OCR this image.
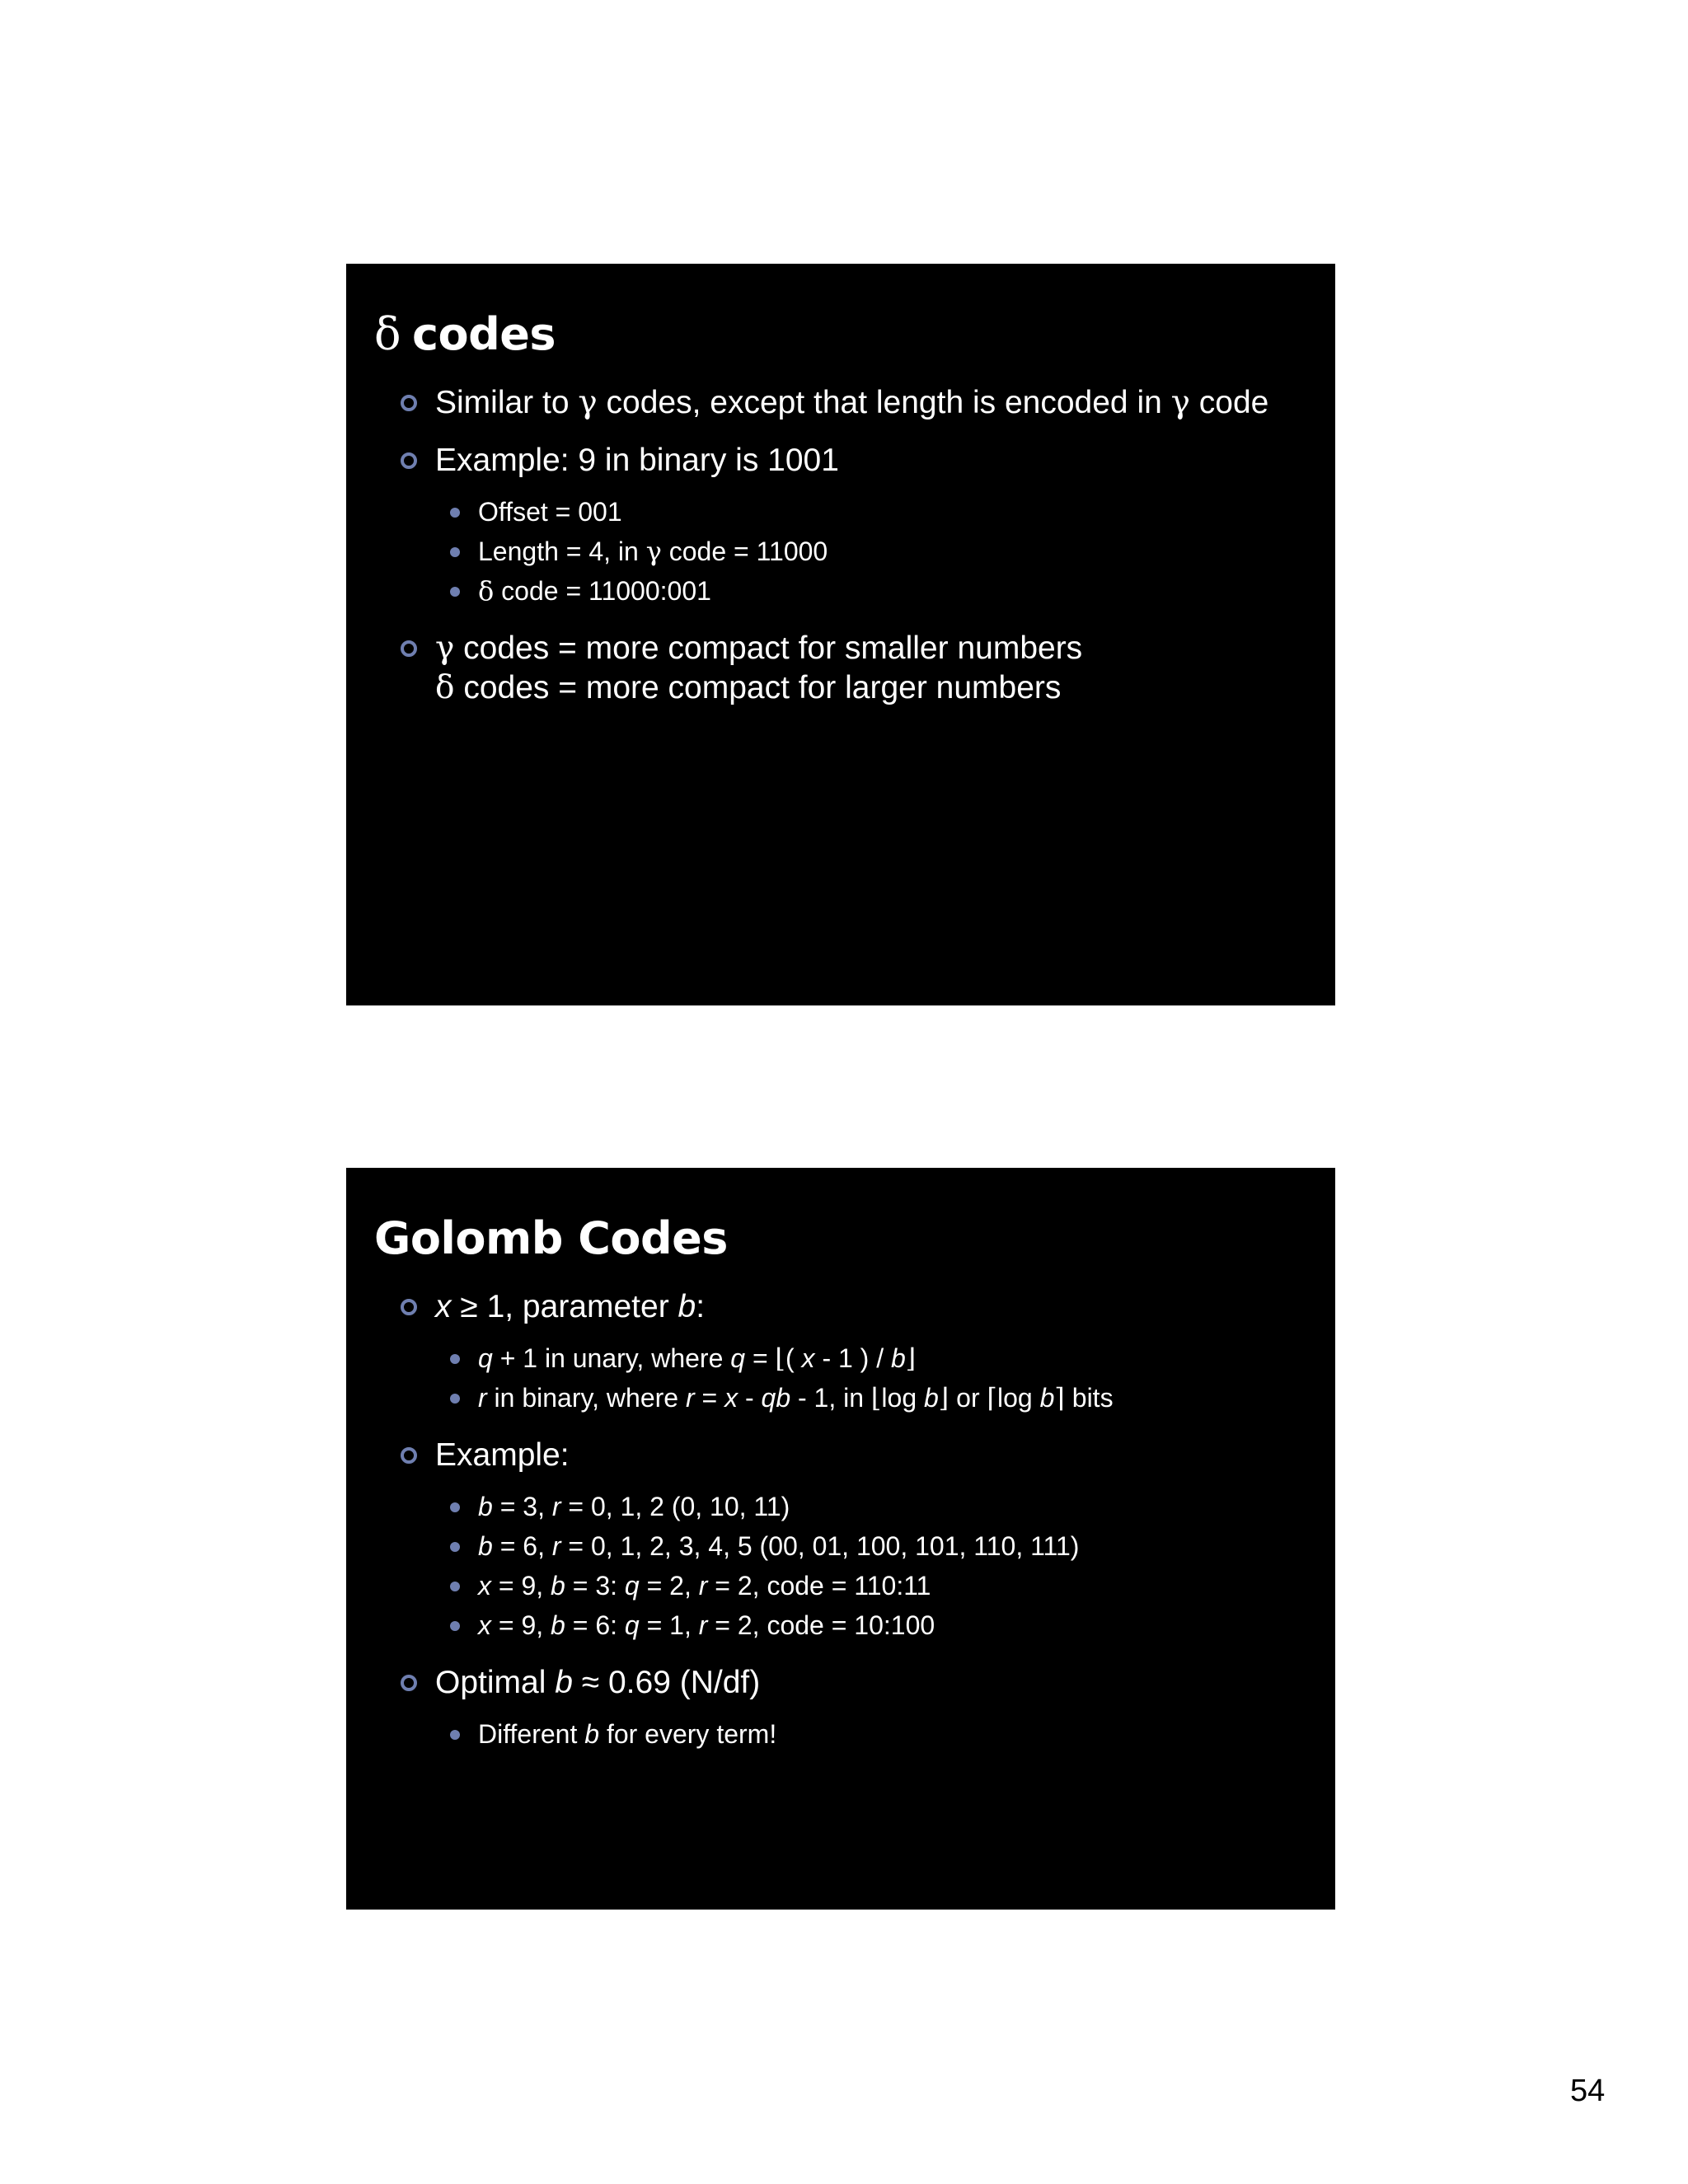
δ codes
Similar to γ codes, except that length is encoded in γ code
Example: 9 in binary is 1001
Offset = 001
Length = 4, in γ code = 11000
δ code = 11000:001
γ codes = more compact for smaller numbers
δ codes = more compact for larger numbers
Golomb Codes
x ≥ 1, parameter b:
q + 1 in unary, where q = ⌊( x - 1 ) / b⌋
r in binary, where r = x - qb - 1, in ⌊log b⌋ or ⌈log b⌉ bits
Example:
b = 3, r = 0, 1, 2 (0, 10, 11)
b = 6, r = 0, 1, 2, 3, 4, 5 (00, 01, 100, 101, 110, 111)
x = 9, b = 3: q = 2, r = 2, code = 110:11
x = 9, b = 6: q = 1, r = 2, code = 10:100
Optimal b ≈ 0.69 (N/df)
Different b for every term!
54
